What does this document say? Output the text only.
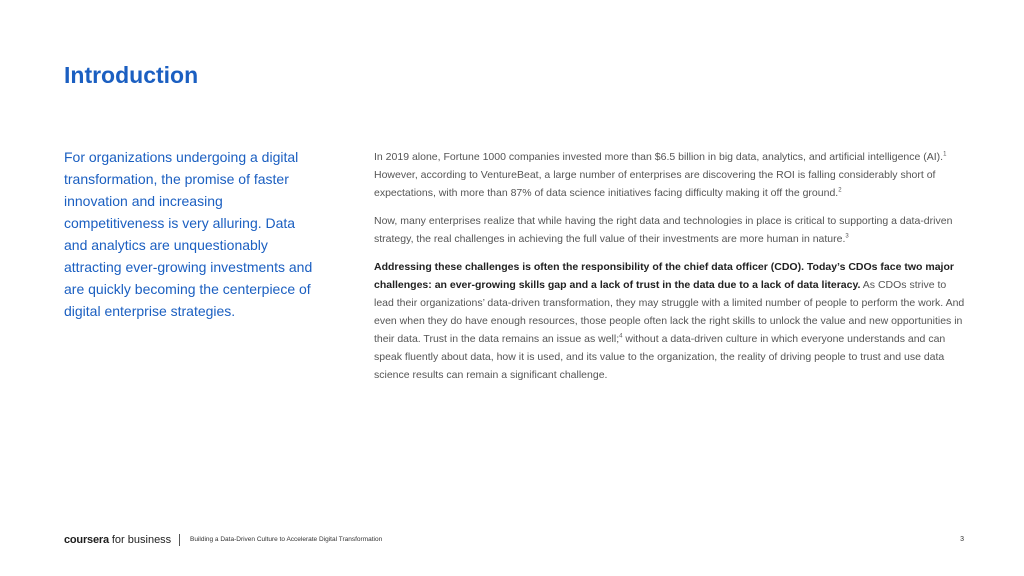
Introduction

For organizations undergoing a digital transformation, the promise of faster innovation and increasing competitiveness is very alluring. Data and analytics are unquestionably attracting ever-growing investments and are quickly becoming the centerpiece of digital enterprise strategies.

In 2019 alone, Fortune 1000 companies invested more than $6.5 billion in big data, analytics, and artificial intelligence (AI).$^1$ However, according to VentureBeat, a large number of enterprises are discovering the ROI is falling considerably short of expectations, with more than 87% of data science initiatives facing difficulty making it off the ground.$^2$

Now, many enterprises realize that while having the right data and technologies in place is critical to supporting a data-driven strategy, the real challenges in achieving the full value of their investments are more human in nature.$^3$

Addressing these challenges is often the responsibility of the chief data officer (CDO). Today’s CDOs face two major challenges: an ever-growing skills gap and a lack of trust in the data due to a lack of data literacy. As CDOs strive to lead their organizations’ data-driven transformation, they may struggle with a limited number of people to perform the work. And even when they do have enough resources, those people often lack the right skills to unlock the value and new opportunities in their data. Trust in the data remains an issue as well;$^4$ without a data-driven culture in which everyone understands and can speak fluently about data, how it is used, and its value to the organization, the reality of driving people to trust and use data science results can remain a significant challenge.

coursera for business	Building a Data-Driven Culture to Accelerate Digital Transformation	3
